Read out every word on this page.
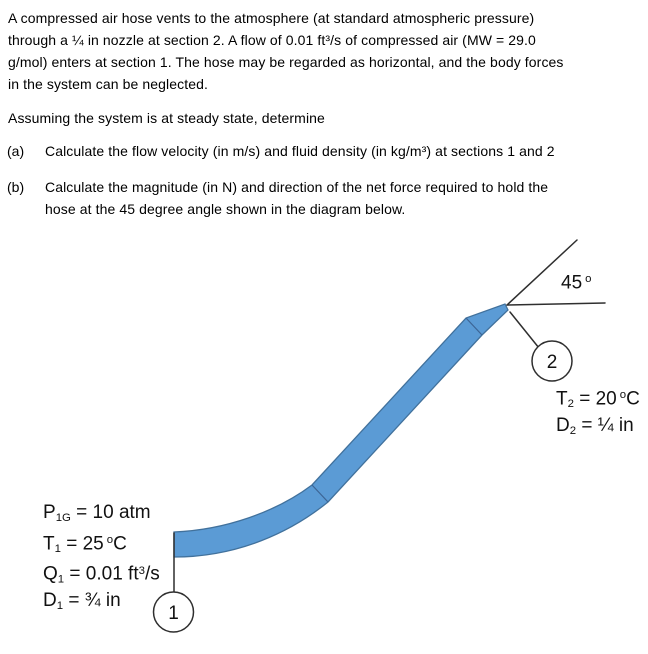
A compressed air hose vents to the atmosphere (at standard atmospheric pressure)
through a ¼ in nozzle at section 2. A flow of 0.01 ft³/s of compressed air (MW = 29.0
g/mol) enters at section 1. The hose may be regarded as horizontal, and the body forces
in the system can be neglected.
Assuming the system is at steady state, determine
(a) Calculate the flow velocity (in m/s) and fluid density (in kg/m³) at sections 1 and 2
(b) Calculate the magnitude (in N) and direction of the net force required to hold the
hose at the 45 degree angle shown in the diagram below.
1
2
45 $^o$
$T_2 = 20$ $^o$C
$D_2$ = ¼ in
$P_{1G} = 10$ atm
$T_1 = 25$ $^o$C
$Q_1 = 0.01$ $ft^3/s$
$D_1$ = ¾ in
